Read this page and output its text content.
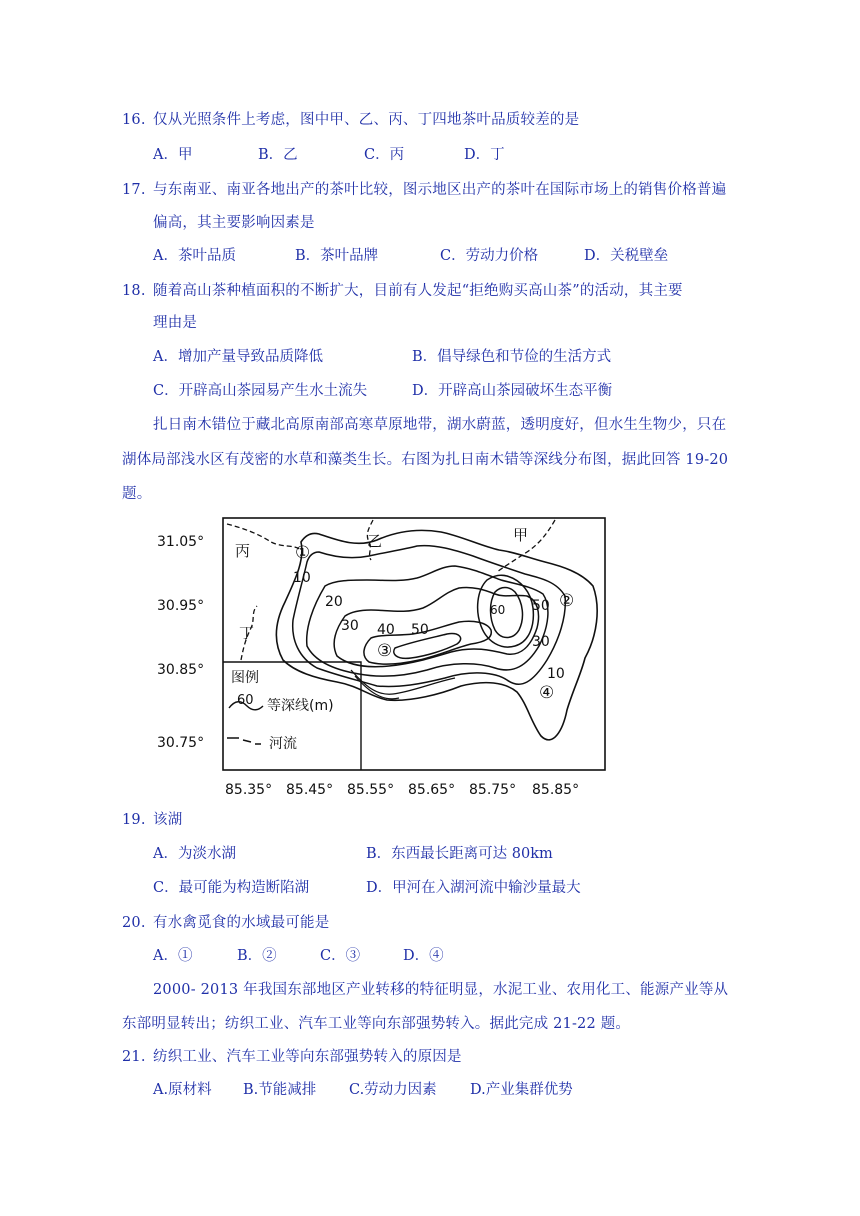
16. 仅从光照条件上考虑，图中甲、乙、丙、丁四地茶叶品质较差的是
A．甲	B．乙	C．丙	D．丁
17. 与东南亚、南亚各地出产的茶叶比较，图示地区出产的茶叶在国际市场上的销售价格普遍
偏高，其主要影响因素是
A．茶叶品质	B．茶叶品牌	C．劳动力价格	D．关税壁垒
18. 随着高山茶种植面积的不断扩大，目前有人发起“拒绝购买高山茶”的活动，其主要
理由是
A．增加产量导致品质降低	B．倡导绿色和节俭的生活方式
C．开辟高山茶园易产生水土流失	D．开辟高山茶园破坏生态平衡
扎日南木错位于藏北高原南部高寒草原地带，湖水蔚蓝，透明度好，但水生生物少，只在
湖体局部浅水区有茂密的水草和藻类生长。右图为扎日南木错等深线分布图，据此回答 19-20
题。
31.05°
30.95°
30.85°
30.75°
85.35° 85.45° 85.55° 85.65° 85.75° 85.85°
10
20
30 40 50
60 50
30
10
丙
乙	甲
丁
①
②
③
④
图例
60 等深线(m)
河流
19. 该湖
A．为淡水湖	B．东西最长距离可达 80km
C．最可能为构造断陷湖	D．甲河在入湖河流中输沙量最大
20. 有水禽觅食的水域最可能是
A．①	B．②	C．③	D．④
2000- 2013 年我国东部地区产业转移的特征明显，水泥工业、农用化工、能源产业等从
东部明显转出；纺织工业、汽车工业等向东部强势转入。据此完成 21-22 题。
21. 纺织工业、汽车工业等向东部强势转入的原因是
A.原材料 B.节能减排 C.劳动力因素 D.产业集群优势
